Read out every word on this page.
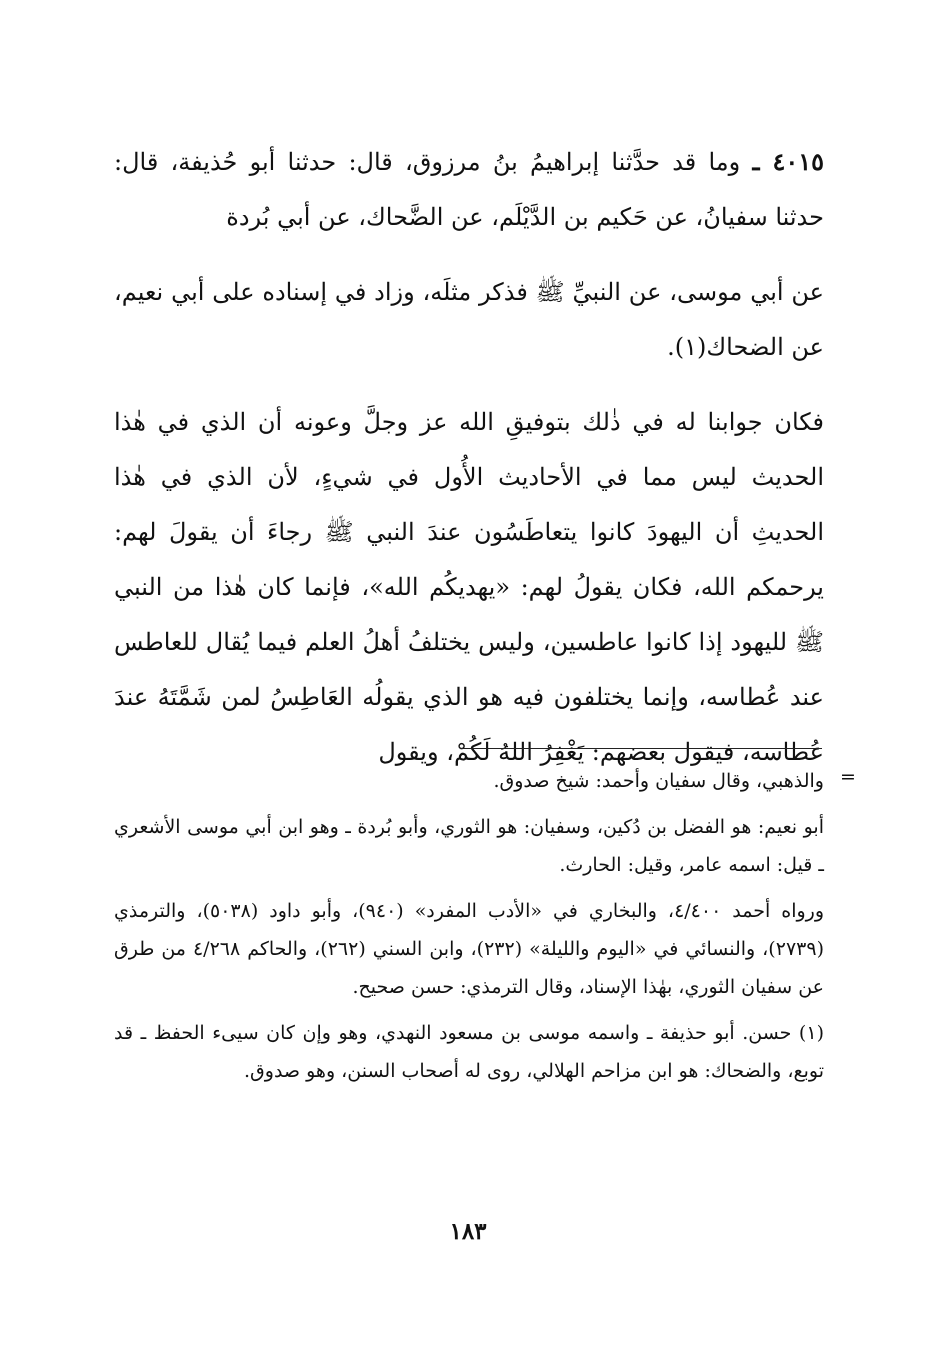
٤٠١٥ ـ وما قد حدَّثنا إبراهيمُ بنُ مرزوق، قال: حدثنا أبو حُذيفة، قال: حدثنا سفيانُ، عن حَكيم بن الدَّيْلَم، عن الضَّحاك، عن أبي بُردة

عن أبي موسى، عن النبيِّ ﷺ فذكر مثلَه، وزاد في إسناده على أبي نعيم، عن الضحاك(١).

فكان جوابنا له في ذٰلك بتوفيقِ الله عز وجلَّ وعونه أن الذي في هٰذا الحديث ليس مما في الأحاديث الأُول في شيءٍ، لأن الذي في هٰذا الحديثِ أن اليهودَ كانوا يتعاطَسُون عندَ النبي ﷺ رجاءَ أن يقولَ لهم: يرحمكم الله، فكان يقولُ لهم: «يهديكُم الله»، فإنما كان هٰذا من النبي ﷺ لليهود إذا كانوا عاطسين، وليس يختلفُ أهلُ العلم فيما يُقال للعاطس عند عُطاسه، وإنما يختلفون فيه هو الذي يقولُه العَاطِسُ لمن شَمَّتَهُ عندَ عُطاسه، فيقول بعضهم: يَغْفِرُ اللهُ لَكُمْ، ويقول

=

والذهبي، وقال سفيان وأحمد: شيخ صدوق.

أبو نعيم: هو الفضل بن دُكين، وسفيان: هو الثوري، وأبو بُردة ـ وهو ابن أبي موسى الأشعري ـ قيل: اسمه عامر، وقيل: الحارث.

ورواه أحمد ٤/٤٠٠، والبخاري في «الأدب المفرد» (٩٤٠)، وأبو داود (٥٠٣٨)، والترمذي (٢٧٣٩)، والنسائي في «اليوم والليلة» (٢٣٢)، وابن السني (٢٦٢)، والحاكم ٤/٢٦٨ من طرق عن سفيان الثوري، بهٰذا الإسناد، وقال الترمذي: حسن صحيح.

(١) حسن. أبو حذيفة ـ واسمه موسى بن مسعود النهدي، وهو وإن كان سيىء الحفظ ـ قد توبع، والضحاك: هو ابن مزاحم الهلالي، روى له أصحاب السنن، وهو صدوق.

١٨٣
